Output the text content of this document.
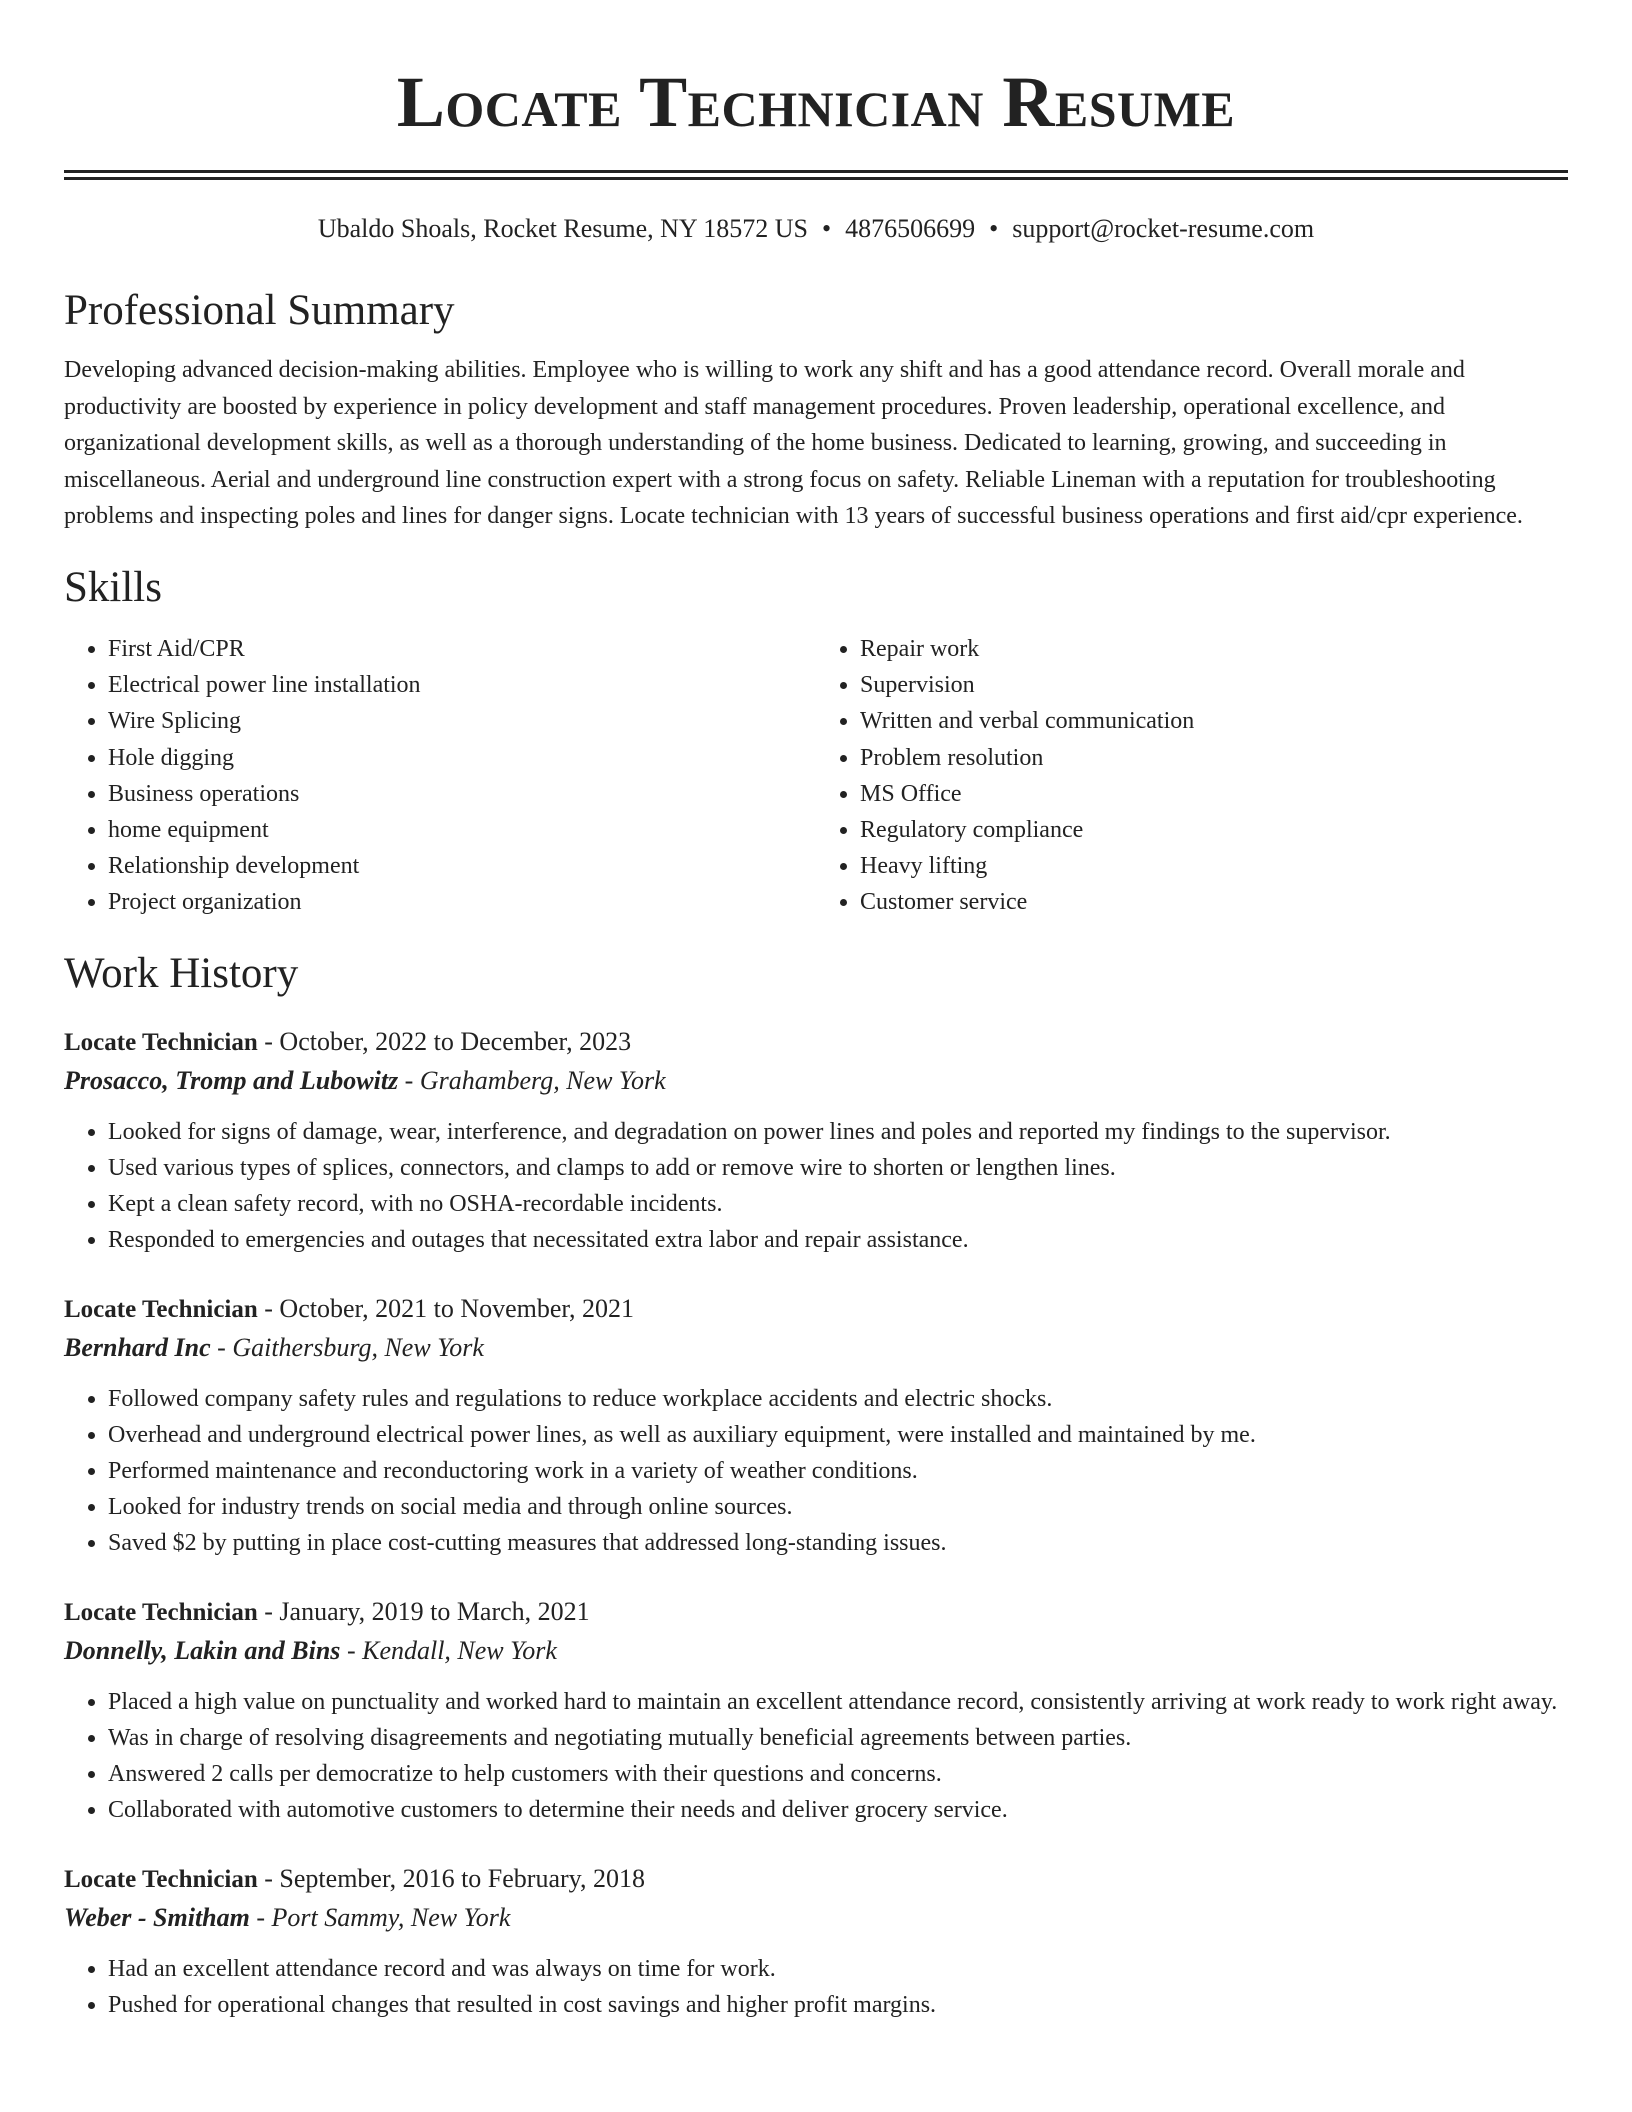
Locate Technician Resume
Ubaldo Shoals, Rocket Resume, NY 18572 US • 4876506699 • support@rocket-resume.com
Professional Summary

Developing advanced decision-making abilities. Employee who is willing to work any shift and has a good attendance record. Overall morale and productivity are boosted by experience in policy development and staff management procedures. Proven leadership, operational excellence, and organizational development skills, as well as a thorough understanding of the home business. Dedicated to learning, growing, and succeeding in miscellaneous. Aerial and underground line construction expert with a strong focus on safety. Reliable Lineman with a reputation for troubleshooting problems and inspecting poles and lines for danger signs. Locate technician with 13 years of successful business operations and first aid/cpr experience.

Skills
• First Aid/CPR
• Electrical power line installation
• Wire Splicing
• Hole digging
• Business operations
• home equipment
• Relationship development
• Project organization
• Repair work
• Supervision
• Written and verbal communication
• Problem resolution
• MS Office
• Regulatory compliance
• Heavy lifting
• Customer service
Work History
Locate Technician - October, 2022 to December, 2023
Prosacco, Tromp and Lubowitz - Grahamberg, New York
• Looked for signs of damage, wear, interference, and degradation on power lines and poles and reported my findings to the supervisor.
• Used various types of splices, connectors, and clamps to add or remove wire to shorten or lengthen lines.
• Kept a clean safety record, with no OSHA-recordable incidents.
• Responded to emergencies and outages that necessitated extra labor and repair assistance.
Locate Technician - October, 2021 to November, 2021
Bernhard Inc - Gaithersburg, New York
• Followed company safety rules and regulations to reduce workplace accidents and electric shocks.
• Overhead and underground electrical power lines, as well as auxiliary equipment, were installed and maintained by me.
• Performed maintenance and reconductoring work in a variety of weather conditions.
• Looked for industry trends on social media and through online sources.
• Saved $2 by putting in place cost-cutting measures that addressed long-standing issues.
Locate Technician - January, 2019 to March, 2021
Donnelly, Lakin and Bins - Kendall, New York
• Placed a high value on punctuality and worked hard to maintain an excellent attendance record, consistently arriving at work ready to work right away.
• Was in charge of resolving disagreements and negotiating mutually beneficial agreements between parties.
• Answered 2 calls per democratize to help customers with their questions and concerns.
• Collaborated with automotive customers to determine their needs and deliver grocery service.
Locate Technician - September, 2016 to February, 2018
Weber - Smitham - Port Sammy, New York
• Had an excellent attendance record and was always on time for work.
• Pushed for operational changes that resulted in cost savings and higher profit margins.
